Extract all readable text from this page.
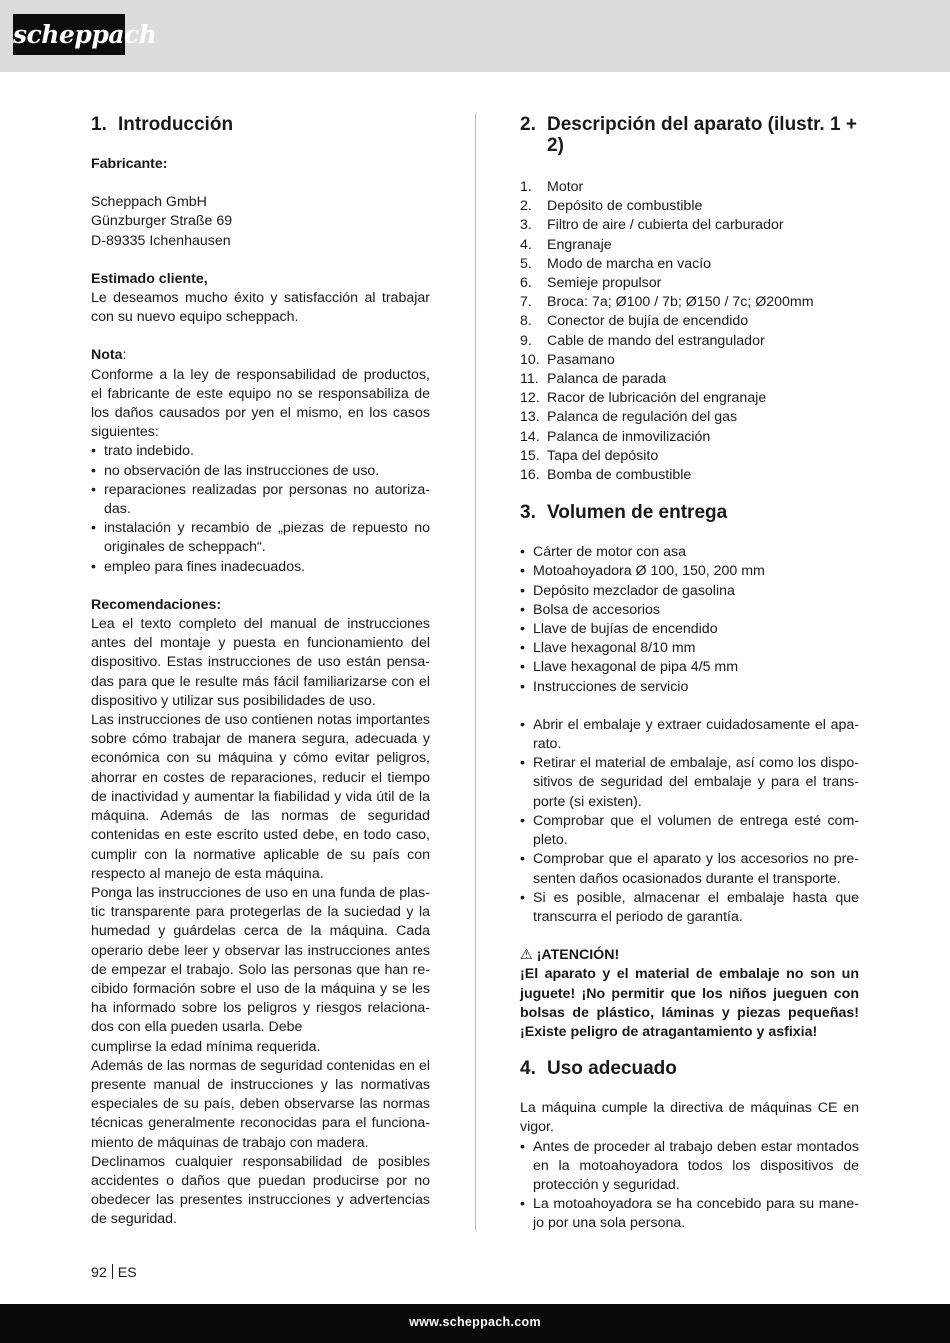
scheppach
1. Introducción

Fabricante:

Scheppach GmbH

Günzburger Straße 69

D-89335 Ichenhausen

Estimado cliente,

Le deseamos mucho éxito y satisfacción al trabajar con su nuevo equipo scheppach.

Nota:

Conforme a la ley de responsabilidad de productos, el fabricante de este equipo no se responsabiliza de los daños causados por yen el mismo, en los casos siguientes:

• trato indebido.
• no observación de las instrucciones de uso.
• reparaciones realizadas por personas no autorizadas.
• instalación y recambio de „piezas de repuesto no originales de scheppach“.
• empleo para fines inadecuados.

Recomendaciones:

Lea el texto completo del manual de instrucciones antes del montaje y puesta en funcionamiento del dispositivo. Estas instrucciones de uso están pensadas para que le resulte más fácil familiarizarse con el dispositivo y utilizar sus posibilidades de uso.

Las instrucciones de uso contienen notas importantes sobre cómo trabajar de manera segura, adecuada y económica con su máquina y cómo evitar peligros, ahorrar en costes de reparaciones, reducir el tiempo de inactividad y aumentar la fiabilidad y vida útil de la máquina. Además de las normas de seguridad contenidas en este escrito usted debe, en todo caso, cumplir con la normative aplicable de su país con respecto al manejo de esta máquina.

Ponga las instrucciones de uso en una funda de plastic transparente para protegerlas de la suciedad y la humedad y guárdelas cerca de la máquina. Cada operario debe leer y observar las instrucciones antes de empezar el trabajo. Solo las personas que han recibido formación sobre el uso de la máquina y se les ha informado sobre los peligros y riesgos relacionados con ella pueden usarla. Debe

cumplirse la edad mínima requerida.

Además de las normas de seguridad contenidas en el presente manual de instrucciones y las normativas especiales de su país, deben observarse las normas técnicas generalmente reconocidas para el funcionamiento de máquinas de trabajo con madera.

Declinamos cualquier responsabilidad de posibles accidentes o daños que puedan producirse por no obedecer las presentes instrucciones y advertencias de seguridad.

2. Descripción del aparato (ilustr. 1 + 2)
1.	Motor
2.	Depósito de combustible
3.	Filtro de aire / cubierta del carburador
4.	Engranaje
5.	Modo de marcha en vacío
6.	Semieje propulsor
7.	Broca: 7a; Ø100 / 7b; Ø150 / 7c; Ø200mm
8.	Conector de bujía de encendido
9.	Cable de mando del estrangulador
10. Pasamano
11. Palanca de parada
12. Racor de lubricación del engranaje
13. Palanca de regulación del gas
14. Palanca de inmovilización
15. Tapa del depósito
16. Bomba de combustible
3. Volumen de entrega
• Cárter de motor con asa
• Motoahoyadora Ø 100, 150, 200 mm
• Depósito mezclador de gasolina
• Bolsa de accesorios
• Llave de bujías de encendido
• Llave hexagonal 8/10 mm
• Llave hexagonal de pipa 4/5 mm
• Instrucciones de servicio
• Abrir el embalaje y extraer cuidadosamente el aparato.
• Retirar el material de embalaje, así como los dispositivos de seguridad del embalaje y para el transporte (si existen).
• Comprobar que el volumen de entrega esté completo.
• Comprobar que el aparato y los accesorios no presenten daños ocasionados durante el transporte.
• Si es posible, almacenar el embalaje hasta que transcurra el periodo de garantía.

⚠ ¡ATENCIÓN!

¡El aparato y el material de embalaje no son un juguete! ¡No permitir que los niños jueguen con bolsas de plástico, láminas y piezas pequeñas! ¡Existe peligro de atragantamiento y asfixia!

4. Uso adecuado

La máquina cumple la directiva de máquinas CE en vigor.

• Antes de proceder al trabajo deben estar montados en la motoahoyadora todos los dispositivos de protección y seguridad.
• La motoahoyadora se ha concebido para su manejo por una sola persona.
92 ES
www.scheppach.com
